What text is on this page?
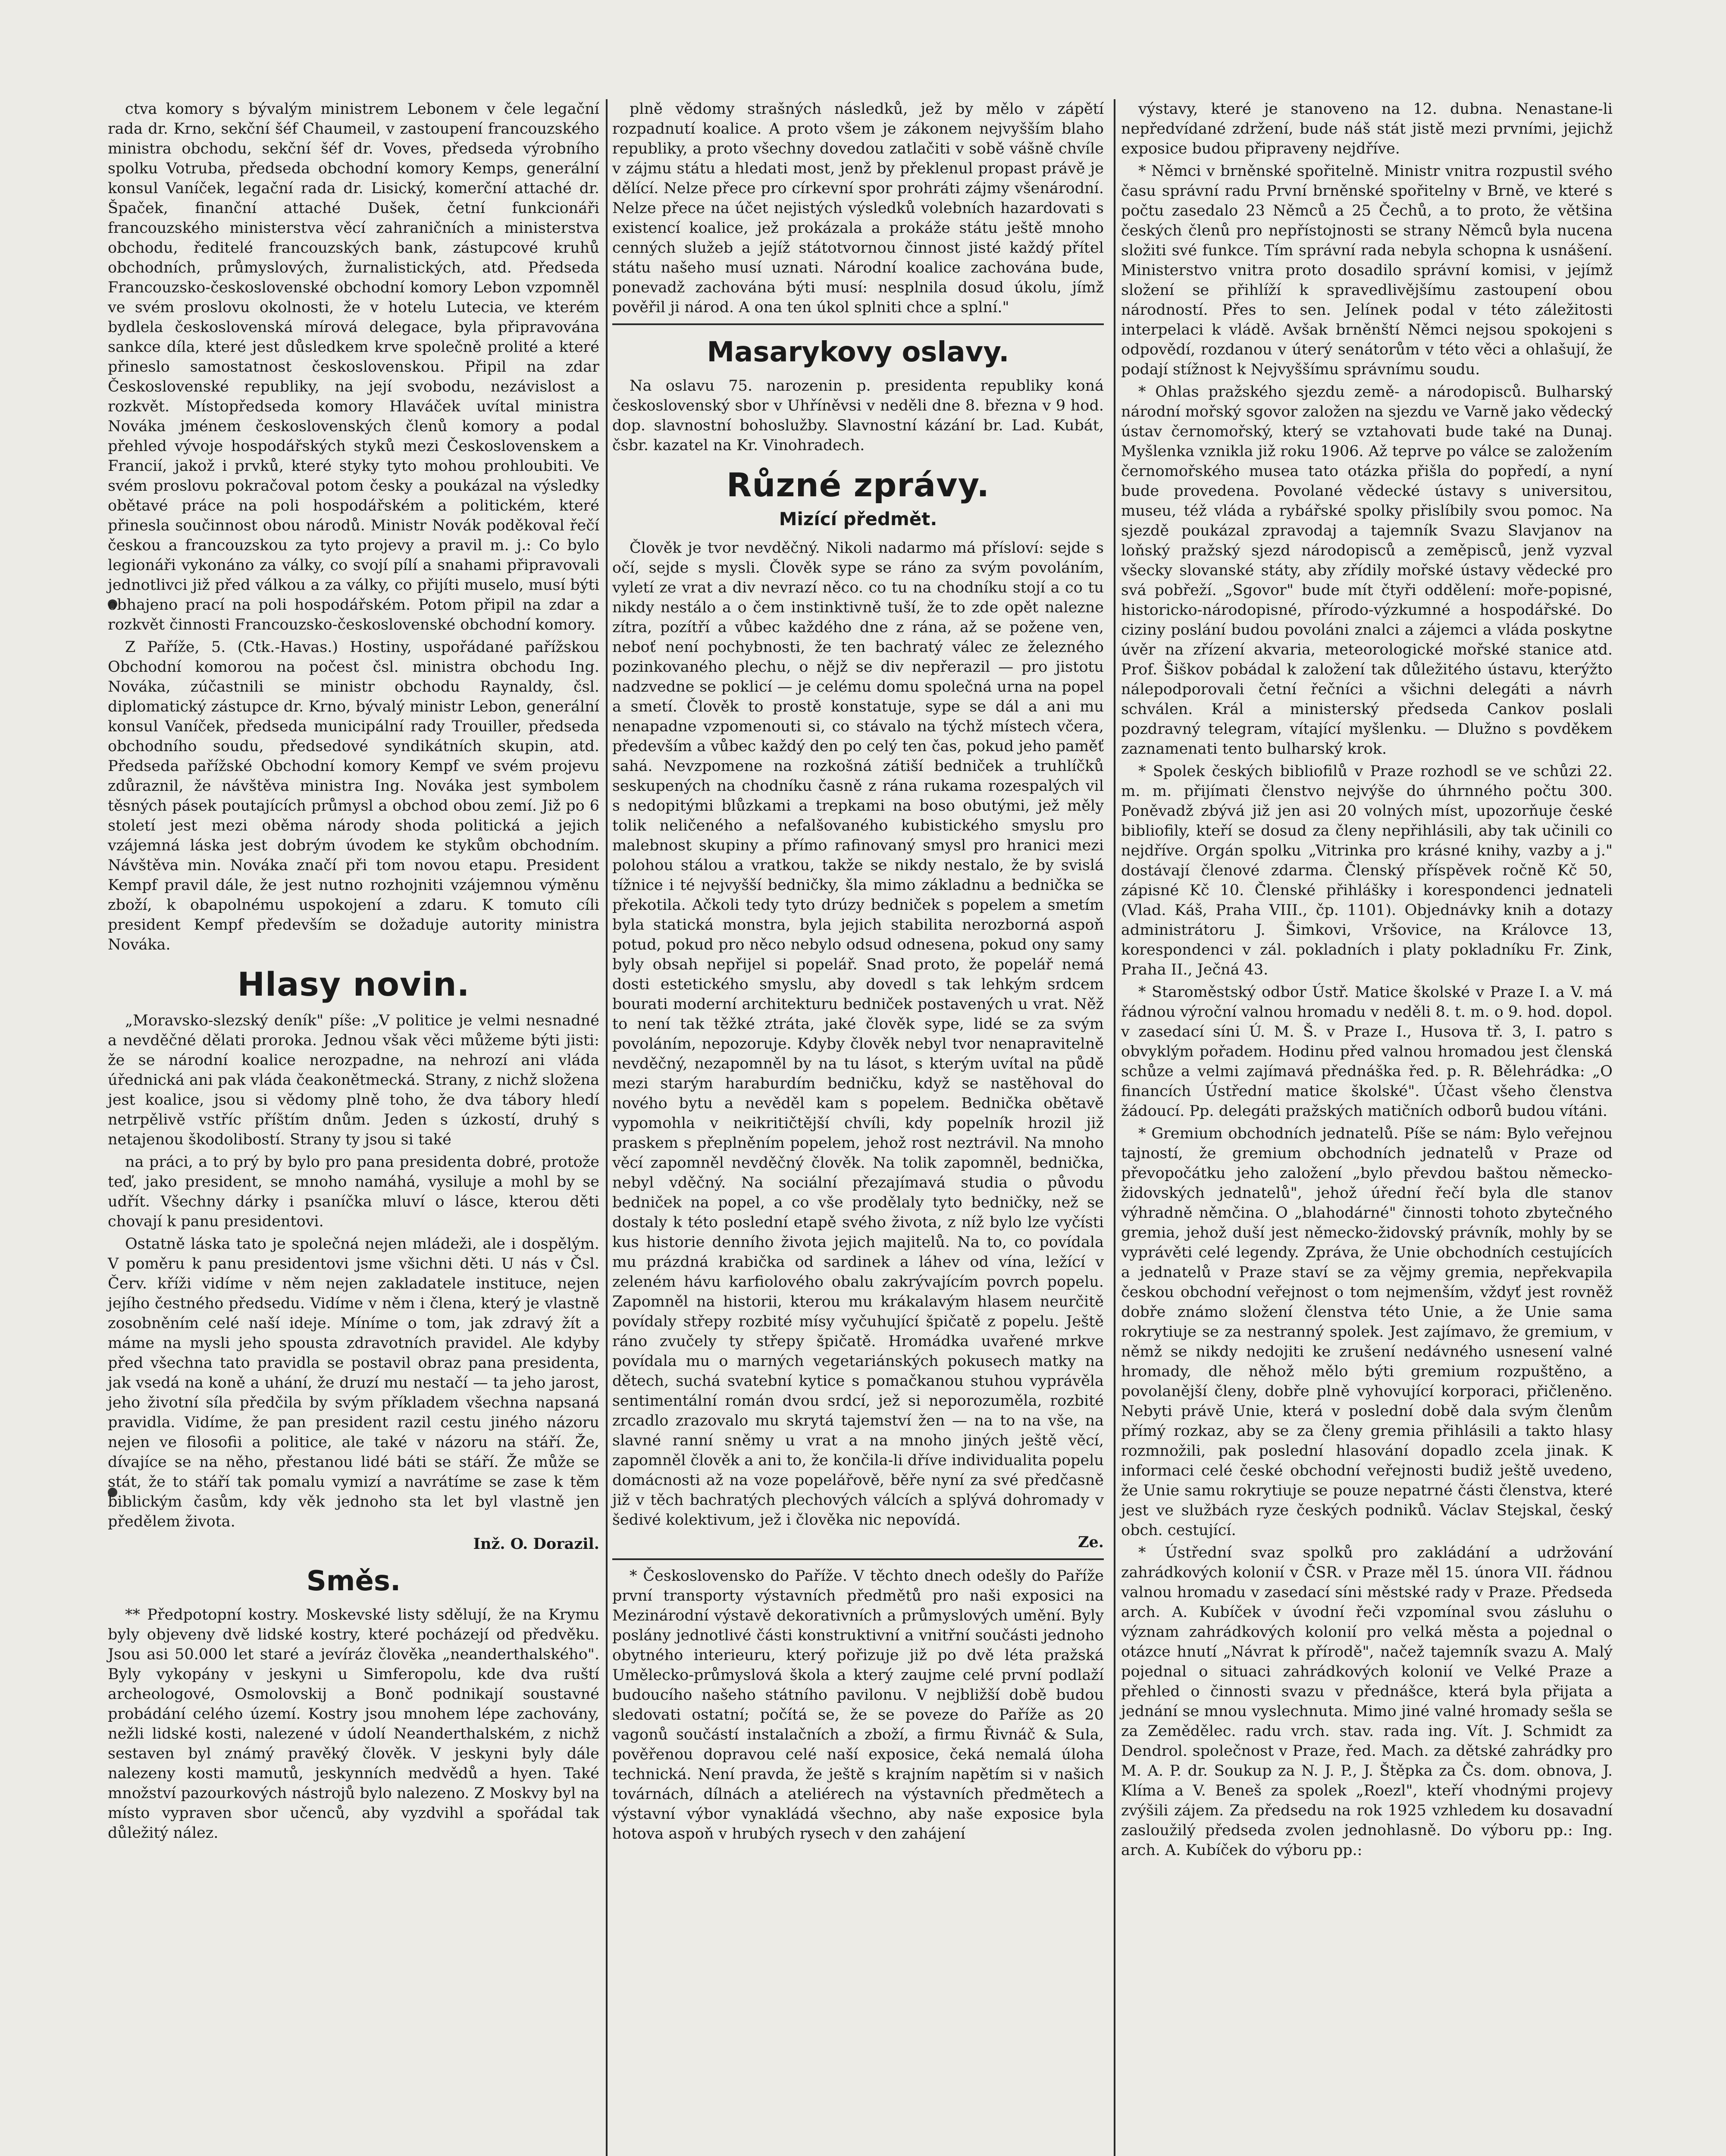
ctva komory s bývalým ministrem Lebonem v čele legační rada dr. Krno, sekční šéf Chaumeil, v zastoupení francouzského ministra obchodu, sekční šéf dr. Voves, předseda výrobního spolku Votruba, předseda obchodní komory Kemps, generální konsul Vaníček, legační rada dr. Lisický, komerční attaché dr. Špaček, finanční attaché Dušek, četní funkcionáři francouzského ministerstva věcí zahraničních a ministerstva obchodu, ředitelé francouzských bank, zástupcové kruhů obchodních, průmyslových, žurnalistických, atd. Předseda Francouzsko-československé obchodní komory Lebon vzpomněl ve svém proslovu okolnosti, že v hotelu Lutecia, ve kterém bydlela československá mírová delegace, byla připravována sankce díla, které jest důsledkem krve společně prolité a které přineslo samostatnost československou. Připil na zdar Československé republiky, na její svobodu, nezávislost a rozkvět. Místopředseda komory Hlaváček uvítal ministra Nováka jménem československých členů komory a podal přehled vývoje hospodářských styků mezi Československem a Francií, jakož i prvků, které styky tyto mohou prohloubiti. Ve svém proslovu pokračoval potom česky a poukázal na výsledky obětavé práce na poli hospodářském a politickém, které přinesla součinnost obou národů. Ministr Novák poděkoval řečí českou a francouzskou za tyto projevy a pravil m. j.: Co bylo legionáři vykonáno za války, co svojí pílí a snahami připravovali jednotlivci již před válkou a za války, co přijíti muselo, musí býti obhajeno prací na poli hospodářském. Potom připil na zdar a rozkvět činnosti Francouzsko-československé obchodní komory.

Z Paříže, 5. (Ctk.-Havas.) Hostiny, uspořádané pařížskou Obchodní komorou na počest čsl. ministra obchodu Ing. Nováka, zúčastnili se ministr obchodu Raynaldy, čsl. diplomatický zástupce dr. Krno, bývalý ministr Lebon, generální konsul Vaníček, předseda municipální rady Trouiller, předseda obchodního soudu, předsedové syndikátních skupin, atd. Předseda pařížské Obchodní komory Kempf ve svém projevu zdůraznil, že návštěva ministra Ing. Nováka jest symbolem těsných pásek poutajících průmysl a obchod obou zemí. Již po 6 století jest mezi oběma národy shoda politická a jejich vzájemná láska jest dobrým úvodem ke stykům obchodním. Návštěva min. Nováka značí při tom novou etapu. President Kempf pravil dále, že jest nutno rozhojniti vzájemnou výměnu zboží, k obapolnému uspokojení a zdaru. K tomuto cíli president Kempf především se dožaduje autority ministra Nováka.

Hlasy novin.

„Moravsko-slezský deník" píše: „V politice je velmi nesnadné a nevděčné dělati proroka. Jednou však věci můžeme býti jisti: že se národní koalice nerozpadne, na nehrozí ani vláda úřednická ani pak vláda čeakonětmecká. Strany, z nichž složena jest koalice, jsou si vědomy plně toho, že dva tábory hledí netrpělivě vstříc příštím dnům. Jeden s úzkostí, druhý s netajenou škodolibostí. Strany ty jsou si také

na práci, a to prý by bylo pro pana presidenta dobré, protože teď, jako president, se mnoho namáhá, vysiluje a mohl by se udřít. Všechny dárky i psaníčka mluví o lásce, kterou děti chovají k panu presidentovi.

Ostatně láska tato je společná nejen mládeži, ale i dospělým. V poměru k panu presidentovi jsme všichni děti. U nás v Čsl. Červ. kříži vidíme v něm nejen zakladatele instituce, nejen jejího čestného předsedu. Vidíme v něm i člena, který je vlastně zosobněním celé naší ideje. Míníme o tom, jak zdravý žít a máme na mysli jeho spousta zdravotních pravidel. Ale kdyby před všechna tato pravidla se postavil obraz pana presidenta, jak vsedá na koně a uhání, že druzí mu nestačí — ta jeho jarost, jeho životní síla předčila by svým příkladem všechna napsaná pravidla. Vidíme, že pan president razil cestu jiného názoru nejen ve filosofii a politice, ale také v názoru na stáří. Že, dívajíce se na něho, přestanou lidé báti se stáří. Že může se stát, že to stáří tak pomalu vymizí a navrátíme se zase k těm biblickým časům, kdy věk jednoho sta let byl vlastně jen předělem života.

Inž. O. Dorazil.
Směs.

** Předpotopní kostry. Moskevské listy sdělují, že na Krymu byly objeveny dvě lidské kostry, které pocházejí od předvěku. Jsou asi 50.000 let staré a jevíráz člověka „neanderthalského". Byly vykopány v jeskyni u Simferopolu, kde dva ruští archeologové, Osmolovskij a Bonč podnikají soustavné probádání celého území. Kostry jsou mnohem lépe zachovány, nežli lidské kosti, nalezené v údolí Neanderthalském, z nichž sestaven byl známý pravěký člověk. V jeskyni byly dále nalezeny kosti mamutů, jeskynních medvědů a hyen. Také množství pazourkových nástrojů bylo nalezeno. Z Moskvy byl na místo vypraven sbor učenců, aby vyzdvihl a spořádal tak důležitý nález.

plně vědomy strašných následků, jež by mělo v zápětí rozpadnutí koalice. A proto všem je zákonem nejvyšším blaho republiky, a proto všechny dovedou zatlačiti v sobě vášně chvíle v zájmu státu a hledati most, jenž by překlenul propast právě je dělící. Nelze přece pro církevní spor prohráti zájmy všenárodní. Nelze přece na účet nejistých výsledků volebních hazardovati s existencí koalice, jež prokázala a prokáže státu ještě mnoho cenných služeb a jejíž státotvornou činnost jisté každý přítel státu našeho musí uznati. Národní koalice zachována bude, ponevadž zachována býti musí: nesplnila dosud úkolu, jímž pověřil ji národ. A ona ten úkol splniti chce a splní."

Masarykovy oslavy.

Na oslavu 75. narozenin p. presidenta republiky koná československý sbor v Uhříněvsi v neděli dne 8. března v 9 hod. dop. slavnostní bohoslužby. Slavnostní kázání br. Lad. Kubát, čsbr. kazatel na Kr. Vinohradech.

Různé zprávy.
Mizící předmět.

Člověk je tvor nevděčný. Nikoli nadarmo má přísloví: sejde s očí, sejde s mysli. Člověk sype se ráno za svým povoláním, vyletí ze vrat a div nevrazí něco. co tu na chodníku stojí a co tu nikdy nestálo a o čem instinktivně tuší, že to zde opět nalezne zítra, pozítří a vůbec každého dne z rána, až se požene ven, neboť není pochybnosti, že ten bachratý válec ze železného pozinkovaného plechu, o nějž se div nepřerazil — pro jistotu nadzvedne se poklicí — je celému domu společná urna na popel a smetí. Člověk to prostě konstatuje, sype se dál a ani mu nenapadne vzpomenouti si, co stávalo na týchž místech včera, především a vůbec každý den po celý ten čas, pokud jeho paměť sahá. Nevzpomene na rozkošná zátiší bedniček a truhlíčků seskupených na chodníku časně z rána rukama rozespalých vil s nedopitými blůzkami a trepkami na boso obutými, jež měly tolik neličeného a nefalšovaného kubistického smyslu pro malebnost skupiny a přímo rafinovaný smysl pro hranici mezi polohou stálou a vratkou, takže se nikdy nestalo, že by svislá tížnice i té nejvyšší bedničky, šla mimo základnu a bednička se překotila. Ačkoli tedy tyto drúzy bedniček s popelem a smetím byla statická monstra, byla jejich stabilita nerozborná aspoň potud, pokud pro něco nebylo odsud odnesena, pokud ony samy byly obsah nepřijel si popelář. Snad proto, že popelář nemá dosti estetického smyslu, aby dovedl s tak lehkým srdcem bourati moderní architekturu bedniček postavených u vrat. Něž to není tak těžké ztráta, jaké člověk sype, lidé se za svým povoláním, nepozoruje. Kdyby člověk nebyl tvor nenapravitelně nevděčný, nezapomněl by na tu lásot, s kterým uvítal na půdě mezi starým haraburdím bedničku, když se nastěhoval do nového bytu a nevěděl kam s popelem. Bednička obětavě vypomohla v neikritičtější chvíli, kdy popelník hrozil již praskem s přeplněním popelem, jehož rost neztrávil. Na mnoho věcí zapomněl nevděčný člověk. Na tolik zapomněl, bednička, nebyl vděčný. Na sociální přezajímavá studia o původu bedniček na popel, a co vše prodělaly tyto bedničky, než se dostaly k této poslední etapě svého života, z níž bylo lze vyčísti kus historie denního života jejich majitelů. Na to, co povídala mu prázdná krabička od sardinek a láhev od vína, ležící v zeleném hávu karfiolového obalu zakrývajícím povrch popelu. Zapomněl na historii, kterou mu krákalavým hlasem neurčitě povídaly střepy rozbité mísy vyčuhující špičatě z popelu. Ještě ráno zvučely ty střepy špičatě. Hromádka uvařené mrkve povídala mu o marných vegetariánských pokusech matky na dětech, suchá svatební kytice s pomačkanou stuhou vyprávěla sentimentální román dvou srdcí, jež si neporozuměla, rozbité zrcadlo zrazovalo mu skrytá tajemství žen — na to na vše, na slavné ranní sněmy u vrat a na mnoho jiných ještě věcí, zapomněl člověk a ani to, že končila-li dříve individualita popelu domácnosti až na voze popelářově, běře nyní za své předčasně již v těch bachratých plechových válcích a splývá dohromady v šedivé kolektivum, jež i člověka nic nepovídá.

Ze.

* Československo do Paříže. V těchto dnech odešly do Paříže první transporty výstavních předmětů pro naši exposici na Mezinárodní výstavě dekorativních a průmyslových umění. Byly poslány jednotlivé části konstruktivní a vnitřní součásti jednoho obytného interieuru, který pořizuje již po dvě léta pražská Umělecko-průmyslová škola a který zaujme celé první podlaží budoucího našeho státního pavilonu. V nejbližší době budou sledovati ostatní; počítá se, že se poveze do Paříže as 20 vagonů součástí instalačních a zboží, a firmu Řivnáč & Sula, pověřenou dopravou celé naší exposice, čeká nemalá úloha technická. Není pravda, že ještě s krajním napětím si v našich továrnách, dílnách a ateliérech na výstavních předmětech a výstavní výbor vynakládá všechno, aby naše exposice byla hotova aspoň v hrubých rysech v den zahájení

výstavy, které je stanoveno na 12. dubna. Nenastane-li nepředvídané zdržení, bude náš stát jistě mezi prvními, jejichž exposice budou připraveny nejdříve.

* Němci v brněnské spořitelně. Ministr vnitra rozpustil svého času správní radu První brněnské spořitelny v Brně, ve které s počtu zasedalo 23 Němců a 25 Čechů, a to proto, že většina českých členů pro nepřístojnosti se strany Němců byla nucena složiti své funkce. Tím správní rada nebyla schopna k usnášení. Ministerstvo vnitra proto dosadilo správní komisi, v jejímž složení se přihlíží k spravedlivějšímu zastoupení obou národností. Přes to sen. Jelínek podal v této záležitosti interpelaci k vládě. Avšak brněnští Němci nejsou spokojeni s odpovědí, rozdanou v úterý senátorům v této věci a ohlašují, že podají stížnost k Nejvyššímu správnímu soudu.

* Ohlas pražského sjezdu země- a národopisců. Bulharský národní mořský sgovor založen na sjezdu ve Varně jako vědecký ústav černomořský, který se vztahovati bude také na Dunaj. Myšlenka vznikla již roku 1906. Až teprve po válce se založením černomořského musea tato otázka přišla do popředí, a nyní bude provedena. Povolané vědecké ústavy s universitou, museu, též vláda a rybářské spolky přislíbily svou pomoc. Na sjezdě poukázal zpravodaj a tajemník Svazu Slavjanov na loňský pražský sjezd národopisců a zeměpisců, jenž vyzval všecky slovanské státy, aby zřídily mořské ústavy vědecké pro svá pobřeží. „Sgovor" bude mít čtyři oddělení: moře-popisné, historicko-národopisné, přírodo-výzkumné a hospodářské. Do ciziny poslání budou povoláni znalci a zájemci a vláda poskytne úvěr na zřízení akvaria, meteorologické mořské stanice atd. Prof. Šiškov pobádal k založení tak důležitého ústavu, kterýžto nálepodporovali četní řečníci a všichni delegáti a návrh schválen. Král a ministerský předseda Cankov poslali pozdravný telegram, vítající myšlenku. — Dlužno s povděkem zaznamenati tento bulharský krok.

* Spolek českých bibliofilů v Praze rozhodl se ve schůzi 22. m. m. přijímati členstvo nejvýše do úhrnného počtu 300. Poněvadž zbývá již jen asi 20 volných míst, upozorňuje české bibliofily, kteří se dosud za členy nepřihlásili, aby tak učinili co nejdříve. Orgán spolku „Vitrinka pro krásné knihy, vazby a j." dostávají členové zdarma. Členský příspěvek ročně Kč 50, zápisné Kč 10. Členské přihlášky i korespondenci jednateli (Vlad. Káš, Praha VIII., čp. 1101). Objednávky knih a dotazy administrátoru J. Šimkovi, Vršovice, na Královce 13, korespondenci v zál. pokladních i platy pokladníku Fr. Zink, Praha II., Ječná 43.

* Staroměstský odbor Ústř. Matice školské v Praze I. a V. má řádnou výroční valnou hromadu v neděli 8. t. m. o 9. hod. dopol. v zasedací síni Ú. M. Š. v Praze I., Husova tř. 3, I. patro s obvyklým pořadem. Hodinu před valnou hromadou jest členská schůze a velmi zajímavá přednáška řed. p. R. Bělehrádka: „O financích Ústřední matice školské". Účast všeho členstva žádoucí. Pp. delegáti pražských matičních odborů budou vítáni.

* Gremium obchodních jednatelů. Píše se nám: Bylo veřejnou tajností, že gremium obchodních jednatelů v Praze od převopočátku jeho založení „bylo převdou baštou německo-židovských jednatelů", jehož úřední řečí byla dle stanov výhradně němčina. O „blahodárné" činnosti tohoto zbytečného gremia, jehož duší jest německo-židovský právník, mohly by se vyprávěti celé legendy. Zpráva, že Unie obchodních cestujících a jednatelů v Praze staví se za vějmy gremia, nepřekvapila českou obchodní veřejnost o tom nejmenším, vždyť jest rovněž dobře známo složení členstva této Unie, a že Unie sama rokrytiuje se za nestranný spolek. Jest zajímavo, že gremium, v němž se nikdy nedojiti ke zrušení nedávného usnesení valné hromady, dle něhož mělo býti gremium rozpuštěno, a povolanější členy, dobře plně vyhovující korporaci, přičleněno. Nebyti právě Unie, která v poslední době dala svým členům přímý rozkaz, aby se za členy gremia přihlásili a takto hlasy rozmnožili, pak poslední hlasování dopadlo zcela jinak. K informaci celé české obchodní veřejnosti budiž ještě uvedeno, že Unie samu rokrytiuje se pouze nepatrné části členstva, které jest ve službách ryze českých podniků. Václav Stejskal, český obch. cestující.

* Ústřední svaz spolků pro zakládání a udržování zahrádkových kolonií v ČSR. v Praze měl 15. února VII. řádnou valnou hromadu v zasedací síni městské rady v Praze. Předseda arch. A. Kubíček v úvodní řeči vzpomínal svou zásluhu o význam zahrádkových kolonií pro velká města a pojednal o otázce hnutí „Návrat k přírodě", načež tajemník svazu A. Malý pojednal o situaci zahrádkových kolonií ve Velké Praze a přehled o činnosti svazu v přednášce, která byla přijata a jednání se mnou vyslechnuta. Mimo jiné valné hromady sešla se za Zemědělec. radu vrch. stav. rada ing. Vít. J. Schmidt za Dendrol. společnost v Praze, řed. Mach. za dětské zahrádky pro M. A. P. dr. Soukup za N. J. P., J. Štěpka za Čs. dom. obnova, J. Klíma a V. Beneš za spolek „Roezl", kteří vhodnými projevy zvýšili zájem. Za předsedu na rok 1925 vzhledem ku dosavadní zasloužilý předseda zvolen jednohlasně. Do výboru pp.: Ing. arch. A. Kubíček do výboru pp.:
